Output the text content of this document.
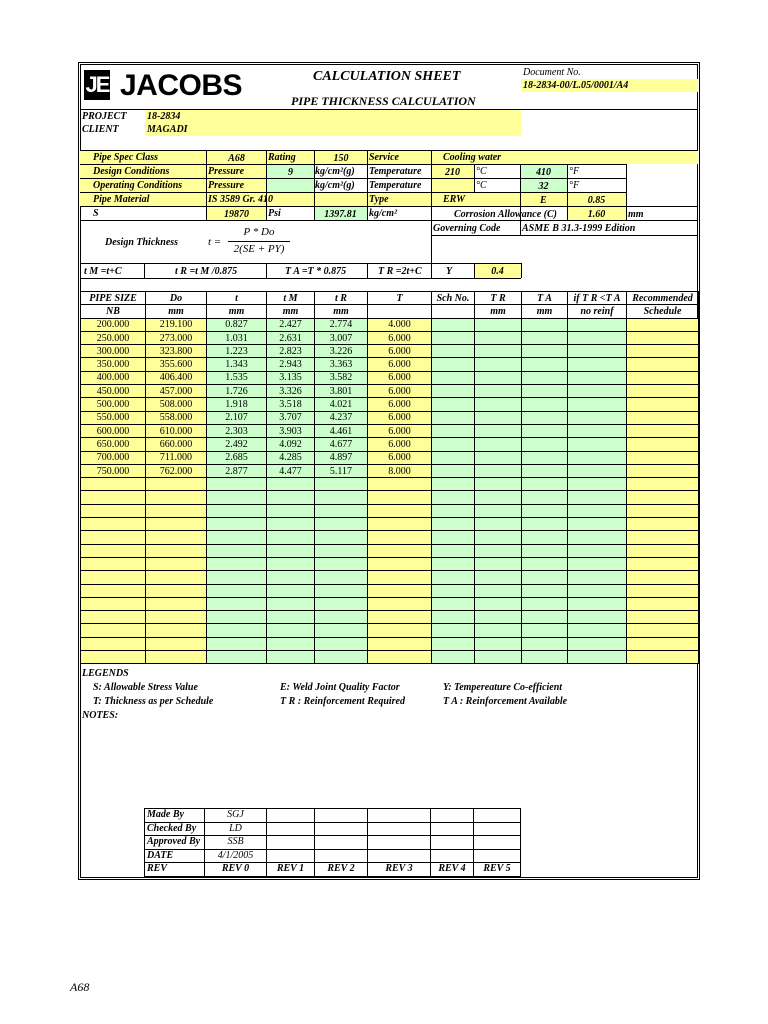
JE JACOBS	CALCULATION SHEET
PIPE THICKNESS CALCULATION
Document No.
18-2834-00/L.05/0001/A4
PROJECT 18-2834
CLIENT	MAGADI
Pipe Spec Class	A68	Rating	150	Service	Cooling water
Design Conditions	Pressure	9	kg/cm²(g) Temperature	210	°C	410	°F
Operating Conditions	Pressure	kg/cm²(g) Temperature	°C	32	°F
Pipe Material	IS 3589 Gr. 410	Type	ERW	E	0.85
S	19870	Psi	1397.81	kg/cm²	Corrosion Allowance (C)	1.60	mm
Governing Code ASME B 31.3-1999 Edition
Design Thickness	t =
P * Do
2(SE + PY)
t M =t+C	t R =t M /0.875	T A =T * 0.875	T R =2t+C Y	0.4
PIPE SIZE	Do	t	t M	t R	T	Sch No.	T R	T A	if T R <T A	Recommended
NB	mm	mm	mm	mm			mm	mm	no reinf	Schedule
200.000	219.100	0.827	2.427	2.774	4.000					
250.000	273.000	1.031	2.631	3.007	6.000					
300.000	323.800	1.223	2.823	3.226	6.000					
350.000	355.600	1.343	2.943	3.363	6.000					
400.000	406.400	1.535	3.135	3.582	6.000					
450.000	457.000	1.726	3.326	3.801	6.000					
500.000	508.000	1.918	3.518	4.021	6.000					
550.000	558.000	2.107	3.707	4.237	6.000					
600.000	610.000	2.303	3.903	4.461	6.000					
650.000	660.000	2.492	4.092	4.677	6.000					
700.000	711.000	2.685	4.285	4.897	6.000					
750.000	762.000	2.877	4.477	5.117	8.000					

LEGENDS
S: Allowable Stress Value	E: Weld Joint Quality Factor	Y: Tempereature Co-efficient
T: Thickness as per Schedule	T R : Reinforcement Required	T A : Reinforcement Available
NOTES:
Made By	SGJ					
Checked By	LD					
Approved By	SSB					
DATE	4/1/2005					
REV	REV 0	REV 1	REV 2	REV 3	REV 4	REV 5
A68
